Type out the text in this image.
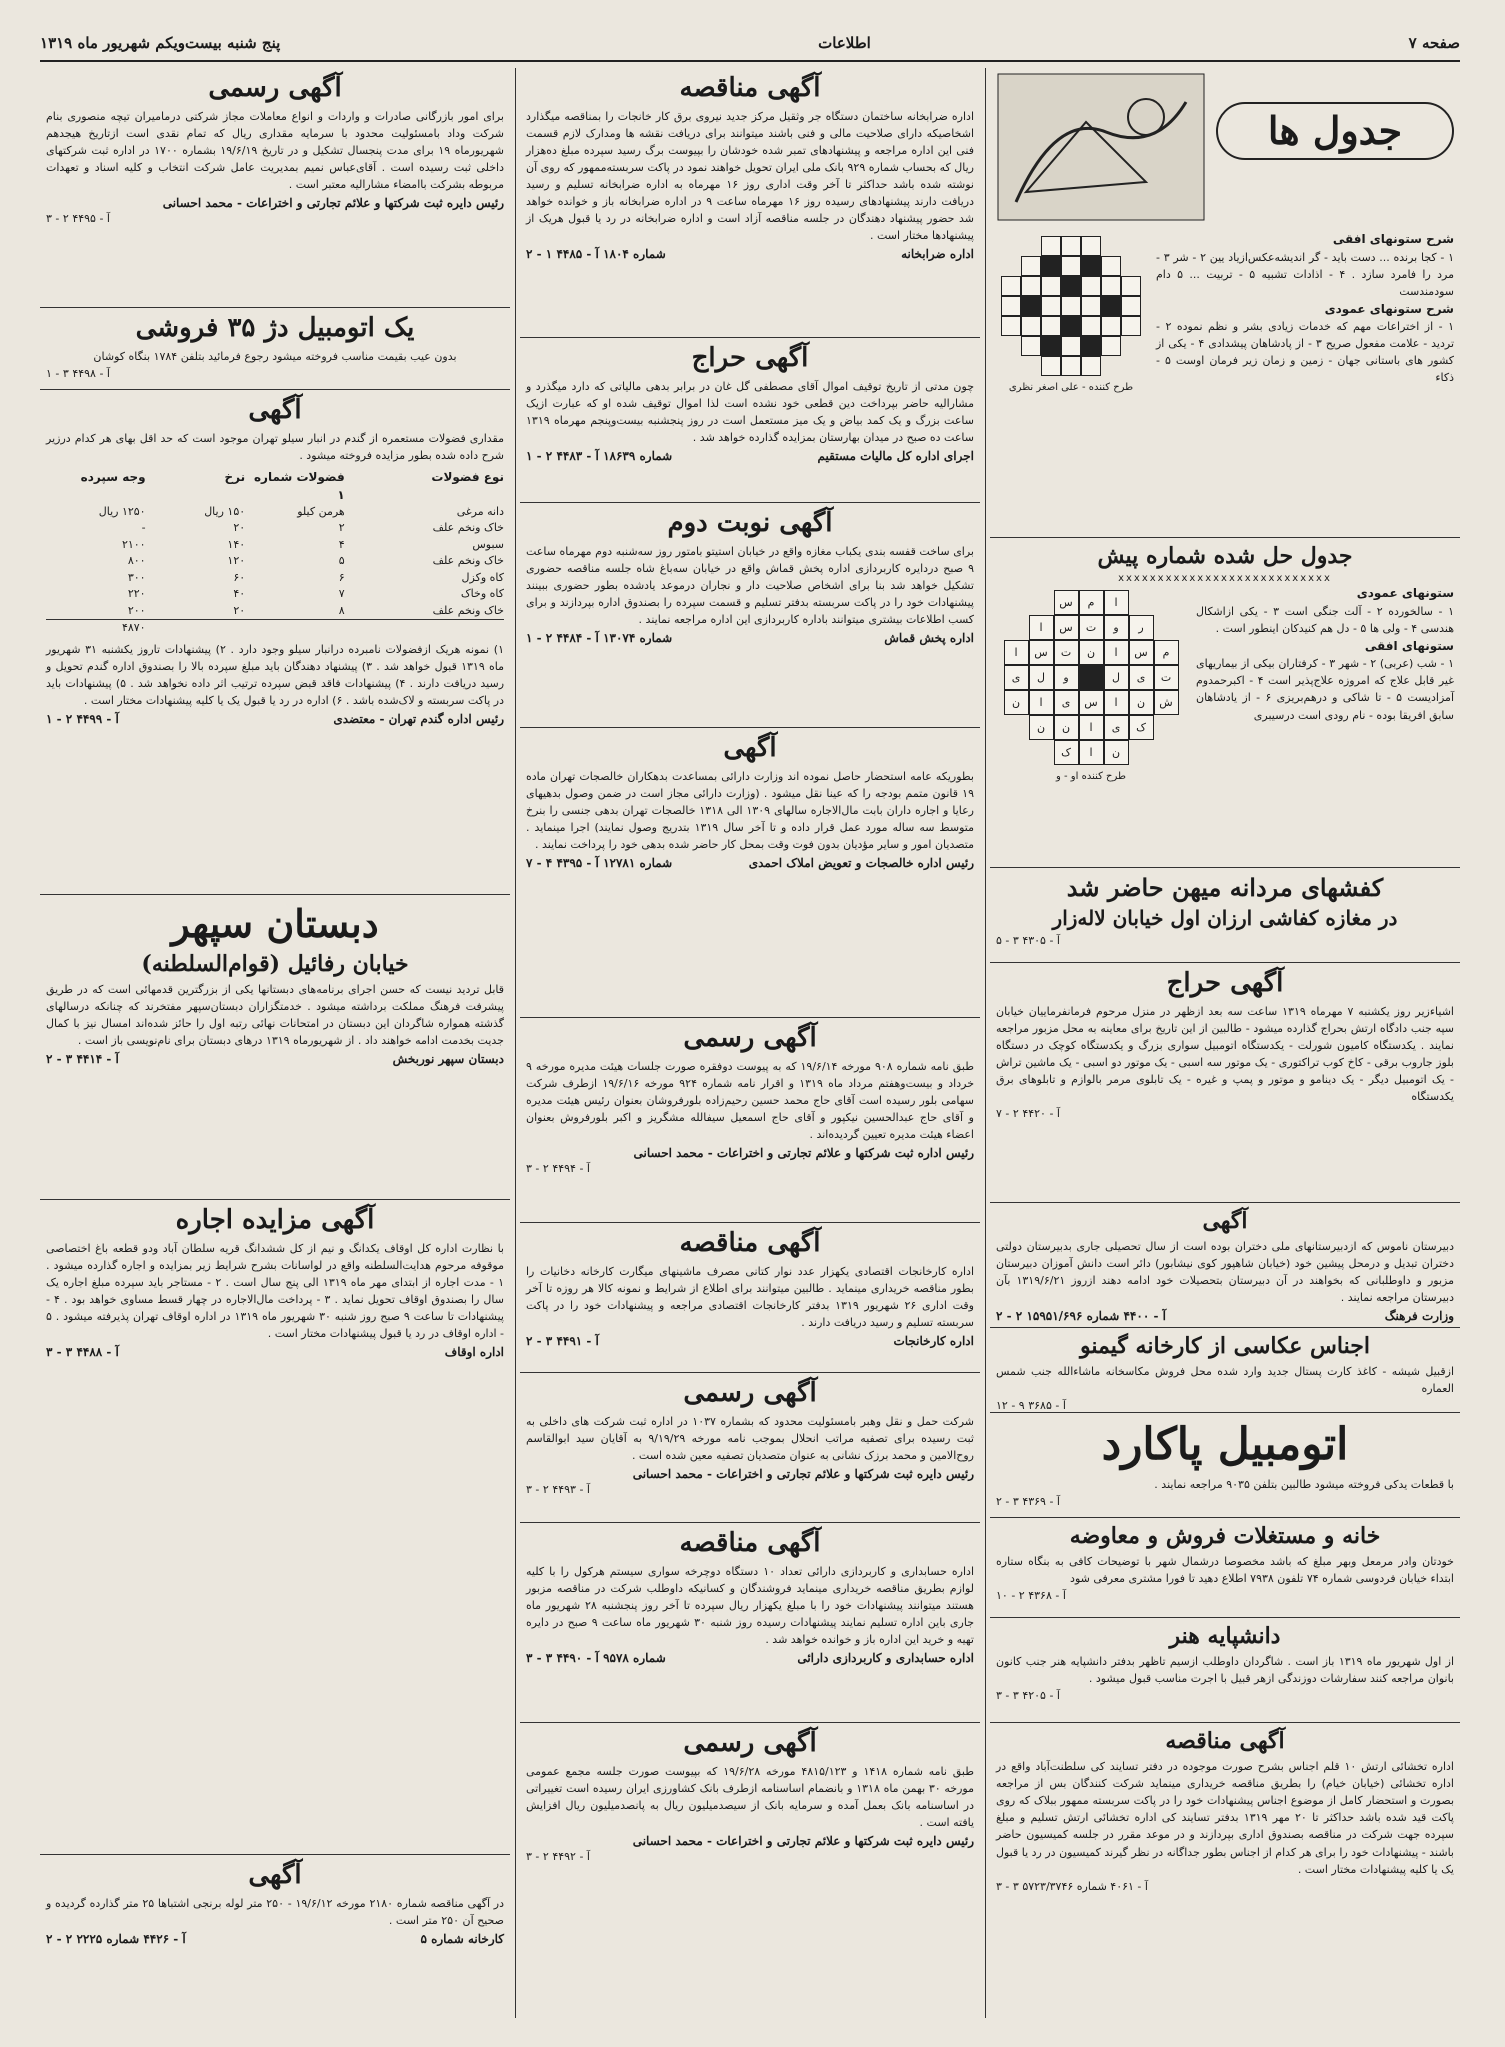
صفحه ۷
اطلاعات
پنج شنبه بیست‌ویکم شهریور ماه ۱۳۱۹
جدول ها
شرح ستونهای افقی

۱ - کجا برنده ... دست باید - گر اندیشه‌عکس‌ازیاد یین ۲ - شر ۳ - مرد را فامرد سازد . ۴ - اذادات تشبیه ۵ - تربیت ... ۵ دام سودمندست

شرح ستونهای عمودی

۱ - از اختراعات مهم که خدمات زیادی بشر و نظم نموده ۲ - تردید - علامت مفعول صریح ۳ - از پادشاهان پیشدادی ۴ - یکی از کشور های باستانی جهان - زمین و زمان زیر فرمان اوست ۵ - ذکاء

طرح کننده - علی اصغر نظری
جدول حل شده شماره پیش
xxxxxxxxxxxxxxxxxxxxxxxxxxx
ستونهای عمودی

۱ - سالخورده ۲ - آلت جنگی است ۳ - یکی ازاشکال هندسی ۴ - ولی ها ۵ - دل هم کنیدکان اینطور است .

ستونهای افقی

۱ - شب (عربی) ۲ - شهر ۳ - کرفتاران بیکی از بیماریهای غیر قابل علاج که امروزه علاج‌پذیر است ۴ - اکبرحمدوم آمزادیست ۵ - تا شاکی و درهم‌بریزی ۶ - از یادشاهان سابق افریقا بوده - نام رودی است درسیبری

ا
م
س
ر
و
ت
س
ا
م
س
ا
ن
ت
س
ا
ت
ی
ل
و
ل
ی
ش
ن
ا
س
ی
ا
ن
ک
ی
ا
ن
ن
ن
ا
ک
طرح کننده او - و
کفشهای مردانه میهن حاضر شد
در مغازه کفاشی ارزان اول خیابان لاله‌زار
آ - ۴۳۰۵ ۳ - ۵
آگهی حراج

اشیاءزیر روز یکشنبه ۷ مهرماه ۱۳۱۹ ساعت سه بعد ازظهر در منزل مرحوم فرمانفرماییان خیابان سپه جنب دادگاه ارتش بحراج گذارده میشود - طالبین از این تاریخ برای معاینه به محل مزبور مراجعه نمایند . یکدستگاه کامیون شورلت - یکدستگاه اتومبیل سواری بزرگ و یکدستگاه کوچک در دستگاه بلوز جاروب برقی - کاخ کوب تراکتوری - یک موتور سه اسبی - یک موتور دو اسبی - یک ماشین تراش - یک اتومبیل دیگر - یک دینامو و موتور و پمپ و غیره - یک تابلوی مرمر بالوازم و تابلوهای برق یکدستگاه

آ - ۴۴۲۰ ۲ - ۷
آگهی

دبیرستان ناموس که ازدبیرستانهای ملی دختران بوده است از سال تحصیلی جاری بدبیرستان دولتی دختران تبدیل و درمحل پیشین خود (خیابان شاهپور کوی نیشابور) دائر است دانش آموزان دبیرستان مزبور و داوطلبانی که بخواهند در آن دبیرستان بتحصیلات خود ادامه دهند ازروز ۱۳۱۹/۶/۲۱ بآن دبیرستان مراجعه نمایند .

وزارت فرهنگ
آ - ۴۴۰۰ شماره ۱۵۹۵۱/۶۹۶ ۲ - ۲
اجناس عکاسی از کارخانه گیمنو

ازقبیل شیشه - کاغذ کارت پستال جدید وارد شده محل فروش مکاسخانه ماشاءالله جنب شمس العماره

آ - ۳۶۸۵ ۹ - ۱۲
اتومبیل پاکارد

با قطعات یدکی فروخته میشود طالبین بتلفن ۹۰۳۵ مراجعه نمایند .

آ - ۴۳۶۹ ۳ - ۲
خانه و مستغلات فروش و معاوضه

خودتان وادر مرمعل وبهر مبلغ که باشد مخصوصا درشمال شهر با توضیحات کافی به بنگاه ستاره ابتداء خیابان فردوسی شماره ۷۴ تلفون ۷۹۳۸ اطلاع دهید تا فورا مشتری معرفی شود

آ - ۴۳۶۸ ۲ - ۱۰
دانشپایه هنر

از اول شهریور ماه ۱۳۱۹ باز است . شاگردان داوطلب ازسیم تاظهر بدفتر دانشپایه هنر جنب کانون بانوان مراجعه کنند سفارشات دوزندگی ازهر قبیل با اجرت مناسب قبول میشود .

آ - ۴۲۰۵ ۳ - ۳
آگهی مناقصه

اداره تخشائی ارتش ۱۰ قلم اجناس بشرح صورت موجوده در دفتر تسایند کی سلطنت‌آباد واقع در اداره تخشائی (خیابان خیام) را بطریق مناقصه خریداری مینماید شرکت کنندگان بس از مراجعه بصورت و استحضار کامل از موضوع اجناس پیشنهادات خود را در پاکت سربسته ممهور ببلاک که روی پاکت قید شده باشد حداکثر تا ۲۰ مهر ۱۳۱۹ بدفتر تسایند کی اداره تخشائی ارتش تسلیم و مبلغ سپرده جهت شرکت در مناقصه بصندوق اداری بپردازند و در موعد مقرر در جلسه کمیسیون حاضر باشند - پیشنهادات خود را برای هر کدام از اجناس بطور جداگانه در نظر گیرند کمیسیون در رد یا قبول یک یا کلیه پیشنهادات مختار است .

آ - ۴۰۶۱ شماره ۵۷۲۳/۳۷۴۶ ۳ - ۳
آگهی مناقصه

اداره ضرابخانه ساختمان دستگاه جر وثقیل مرکز جدید نیروی برق کار خانجات را بمناقصه میگذارد اشخاصیکه دارای صلاحیت مالی و فنی باشند میتوانند برای دریافت نقشه ها ومدارک لازم قسمت فنی این اداره مراجعه و پیشنهادهای تمبر شده خودشان را بپیوست برگ رسید سپرده مبلغ ده‌هزار ریال که بحساب شماره ۹۲۹ بانک ملی ایران تحویل خواهند نمود در پاکت سربسته‌ممهور که روی آن نوشته شده باشد حداکثر تا آخر وقت اداری روز ۱۶ مهرماه به اداره ضرابخانه تسلیم و رسید دریافت دارند پیشنهادهای رسیده روز ۱۶ مهرماه ساعت ۹ در اداره ضرابخانه باز و خوانده خواهد شد حضور پیشنهاد دهندگان در جلسه مناقصه آزاد است و اداره ضرابخانه در رد یا قبول هریک از پیشنهادها مختار است .

اداره ضرابخانه
شماره ۱۸۰۴ آ - ۴۴۸۵ ۱ - ۲
آگهی حراج

چون مدتی از تاریخ توقیف اموال آقای مصطفی گل غان در برابر بدهی مالیاتی که دارد میگذرد و مشارالیه حاضر بپرداخت دین قطعی خود نشده است لذا اموال توقیف شده او که عبارت ازیک ساعت بزرگ و یک کمد بیاض و یک میز مستعمل است در روز پنجشنبه بیست‌وپنجم مهرماه ۱۳۱۹ ساعت ده صبح در میدان بهارستان بمزایده گذارده خواهد شد .

اجرای اداره کل مالیات مستقیم
شماره ۱۸۶۳۹ آ - ۴۴۸۳ ۲ - ۱
آگهی نوبت دوم

برای ساخت قفسه بندی یکباب مغازه واقع در خیابان استیتو بامتور روز سه‌شنبه دوم مهرماه ساعت ۹ صبح دردایره کاربردازی اداره پخش قماش واقع در خیابان سه‌باغ شاه جلسه مناقصه حضوری تشکیل خواهد شد بنا برای اشخاص صلاحیت دار و نجاران درموعد یادشده بطور حضوری ببینند پیشنهادات خود را در پاکت سربسته بدفتر تسلیم و قسمت سپرده را بصندوق اداره بپردازند و برای کسب اطلاعات بیشتری میتوانند باداره کاربردازی این اداره مراجعه نمایند .

اداره پخش قماش
شماره ۱۳۰۷۴ آ - ۴۴۸۴ ۲ - ۱
آگهی

بطوریکه عامه استحضار حاصل نموده اند وزارت دارائی بمساعدت بدهکاران خالصجات تهران ماده ۱۹ قانون متمم بودجه را که عینا نقل میشود . (وزارت دارائی مجاز است در ضمن وصول بدهیهای رعایا و اجاره داران بابت مال‌الاجاره سالهای ۱۳۰۹ الی ۱۳۱۸ خالصجات تهران بدهی جنسی را بنرخ متوسط سه ساله مورد عمل قرار داده و تا آخر سال ۱۳۱۹ بتدریج وصول نمایند) اجرا مینماید . متصدیان امور و سایر مؤدیان بدون فوت وقت بمحل کار حاضر شده بدهی خود را پرداخت نمایند .

رئیس اداره خالصجات و تعویض املاک احمدی
شماره ۱۲۷۸۱ آ - ۴۳۹۵ ۴ - ۷
آگهی رسمی

طبق نامه شماره ۹۰۸ مورخه ۱۹/۶/۱۴ که به پیوست دوفقره صورت جلسات هیئت مدیره مورخه ۹ خرداد و بیست‌وهفتم مرداد ماه ۱۳۱۹ و اقرار نامه شماره ۹۲۴ مورخه ۱۹/۶/۱۶ ازطرف شرکت سهامی بلور رسیده است آقای حاج محمد حسین رحیم‌زاده بلورفروشان بعنوان رئیس هیئت مدیره و آقای حاج عبدالحسین نیکپور و آقای حاج اسمعیل سیفالله مشگریز و اکبر بلورفروش بعنوان اعضاء هیئت مدیره تعیین گردیده‌اند .

رئیس اداره ثبت شرکتها و علائم تجارتی و اختراعات - محمد احسانی
آ - ۴۴۹۴ ۲ - ۳
آگهی مناقصه

اداره کارخانجات اقتصادی یکهزار عدد نوار کتانی مصرف ماشینهای میگارت کارخانه دخانیات را بطور مناقصه خریداری مینماید . طالبین میتوانند برای اطلاع از شرایط و نمونه کالا هر روزه تا آخر وقت اداری ۲۶ شهریور ۱۳۱۹ بدفتر کارخانجات اقتصادی مراجعه و پیشنهادات خود را در پاکت سربسته تسلیم و رسید دریافت دارند .

اداره کارخانجات
آ - ۴۴۹۱ ۳ - ۲
آگهی رسمی

شرکت حمل و نقل وهبر بامسئولیت محدود که بشماره ۱۰۳۷ در اداره ثبت شرکت های داخلی به ثبت رسیده برای تصفیه مراتب انحلال بموجب نامه مورخه ۹/۱۹/۲۹ به آقایان سید ابوالقاسم روح‌الامین و محمد برزک نشانی به عنوان متصدیان تصفیه معین شده است .

رئیس دایره ثبت شرکتها و علائم تجارتی و اختراعات - محمد احسانی
آ - ۴۴۹۳ ۲ - ۳
آگهی مناقصه

اداره حسابداری و کاربردازی دارائی تعداد ۱۰ دستگاه دوچرخه سواری سیستم هرکول را با کلیه لوازم بطریق مناقصه خریداری مینماید فروشندگان و کسانیکه داوطلب شرکت در مناقصه مزبور هستند میتوانند پیشنهادات خود را با مبلغ یکهزار ریال سپرده تا آخر روز پنجشنبه ۲۸ شهریور ماه جاری باین اداره تسلیم نمایند پیشنهادات رسیده روز شنبه ۳۰ شهریور ماه ساعت ۹ صبح در دایره تهیه و خرید این اداره باز و خوانده خواهد شد .

اداره حسابداری و کاربردازی دارائی
شماره ۹۵۷۸ آ - ۴۴۹۰ ۳ - ۳
آگهی رسمی

طبق نامه شماره ۱۴۱۸ و ۴۸۱۵/۱۲۳ مورخه ۱۹/۶/۲۸ که بپیوست صورت جلسه مجمع عمومی مورخه ۳۰ بهمن ماه ۱۳۱۸ و بانضمام اساسنامه ازطرف بانک کشاورزی ایران رسیده است تغییراتی در اساسنامه بانک بعمل آمده و سرمایه بانک از سیصدمیلیون ریال به پانصدمیلیون ریال افزایش یافته است .

رئیس دایره ثبت شرکتها و علائم تجارتی و اختراعات - محمد احسانی
آ - ۴۴۹۲ ۲ - ۳
آگهی رسمی

برای امور بازرگانی صادرات و واردات و انواع معاملات مجاز شرکتی درمامیران تیچه منصوری بنام شرکت وداد بامسئولیت محدود با سرمایه مقداری ریال که تمام نقدی است ازتاریخ هیجدهم شهریورماه ۱۹ برای مدت پنجسال تشکیل و در تاریخ ۱۹/۶/۱۹ بشماره ۱۷۰۰ در اداره ثبت شرکتهای داخلی ثبت رسیده است . آقای‌عباس نمیم بمدیریت عامل شرکت انتخاب و کلیه اسناد و تعهدات مربوطه بشرکت باامضاء مشارالیه معتبر است .

رئیس دایره ثبت شرکتها و علائم تجارتی و اختراعات - محمد احسانی
آ - ۴۴۹۵ ۲ - ۳
یک اتومبیل دژ ۳۵ فروشی

بدون عیب بقیمت مناسب فروخته میشود رجوع فرمائید بتلفن ۱۷۸۴ بنگاه کوشان

آ - ۴۴۹۸ ۳ - ۱
آگهی

مقداری فضولات مستعمره از گندم در انبار سیلو تهران موجود است که حد اقل بهای هر کدام درزیر شرح داده شده بطور مزایده فروخته میشود .

نوع فضولات
فضولات شماره ۱
نرخ
وجه سپرده
دانه مرغی
هرمن کیلو
۱۵۰ ریال
۱۲۵۰ ریال
خاک ونخم علف
۲
۲۰
-
سبوس
۴
۱۴۰
۲۱۰۰
خاک ونخم علف
۵
۱۲۰
۸۰۰
کاه وکزل
۶
۶۰
۳۰۰
کاه وخاک
۷
۴۰
۲۲۰
خاک ونخم علف
۸
۲۰
۲۰۰
۴۸۷۰

۱) نمونه هریک ازفضولات نامبرده درانبار سیلو وجود دارد . ۲) پیشنهادات تاروز یکشنبه ۳۱ شهریور ماه ۱۳۱۹ قبول خواهد شد . ۳) پیشنهاد دهندگان باید مبلغ سپرده بالا را بصندوق اداره گندم تحویل و رسید دریافت دارند . ۴) پیشنهادات فاقد قبض سپرده ترتیب اثر داده نخواهد شد . ۵) پیشنهادات باید در پاکت سربسته و لاک‌شده باشد . ۶) اداره در رد یا قبول یک یا کلیه پیشنهادات مختار است .

رئیس اداره گندم تهران - معتضدی
آ - ۴۴۹۹ ۲ - ۱
دبستان سپهر
خیابان رفائیل (قوام‌السلطنه)

قابل تردید نیست که حسن اجرای برنامه‌های دبستانها یکی از بزرگترین قدمهائی است که در طریق پیشرفت فرهنگ مملکت برداشته میشود . خدمتگزاران دبستان‌سپهر مفتخرند که چنانکه درسالهای گذشته همواره شاگردان این دبستان در امتحانات نهائی رتبه اول را حائز شده‌اند امسال نیز با کمال جدیت بخدمت ادامه خواهند داد . از شهریورماه ۱۳۱۹ درهای دبستان برای نام‌نویسی باز است .

دبستان سپهر نوربخش
آ - ۴۴۱۴ ۳ - ۲
آگهی مزایده اجاره

با نظارت اداره کل اوقاف یکدانگ و نیم از کل ششدانگ قریه سلطان آباد ودو قطعه باغ اختصاصی موقوفه مرحوم هدایت‌السلطنه واقع در لواسانات بشرح شرایط زیر بمزایده و اجاره گذارده میشود . ۱ - مدت اجاره از ابتدای مهر ماه ۱۳۱۹ الی پنج سال است . ۲ - مستاجر باید سپرده مبلغ اجاره یک سال را بصندوق اوقاف تحویل نماید . ۳ - پرداخت مال‌الاجاره در چهار قسط مساوی خواهد بود . ۴ - پیشنهادات تا ساعت ۹ صبح روز شنبه ۳۰ شهریور ماه ۱۳۱۹ در اداره اوقاف تهران پذیرفته میشود . ۵ - اداره اوقاف در رد یا قبول پیشنهادات مختار است .

اداره اوقاف
آ - ۴۴۸۸ ۳ - ۳
آگهی

در آگهی مناقصه شماره ۲۱۸۰ مورخه ۱۹/۶/۱۲ - ۲۵۰ متر لوله برنجی اشتباها ۲۵ متر گذارده گردیده و صحیح آن ۲۵۰ متر است .

کارخانه شماره ۵
آ - ۴۴۲۶ شماره ۲۲۲۵ ۲ - ۲
